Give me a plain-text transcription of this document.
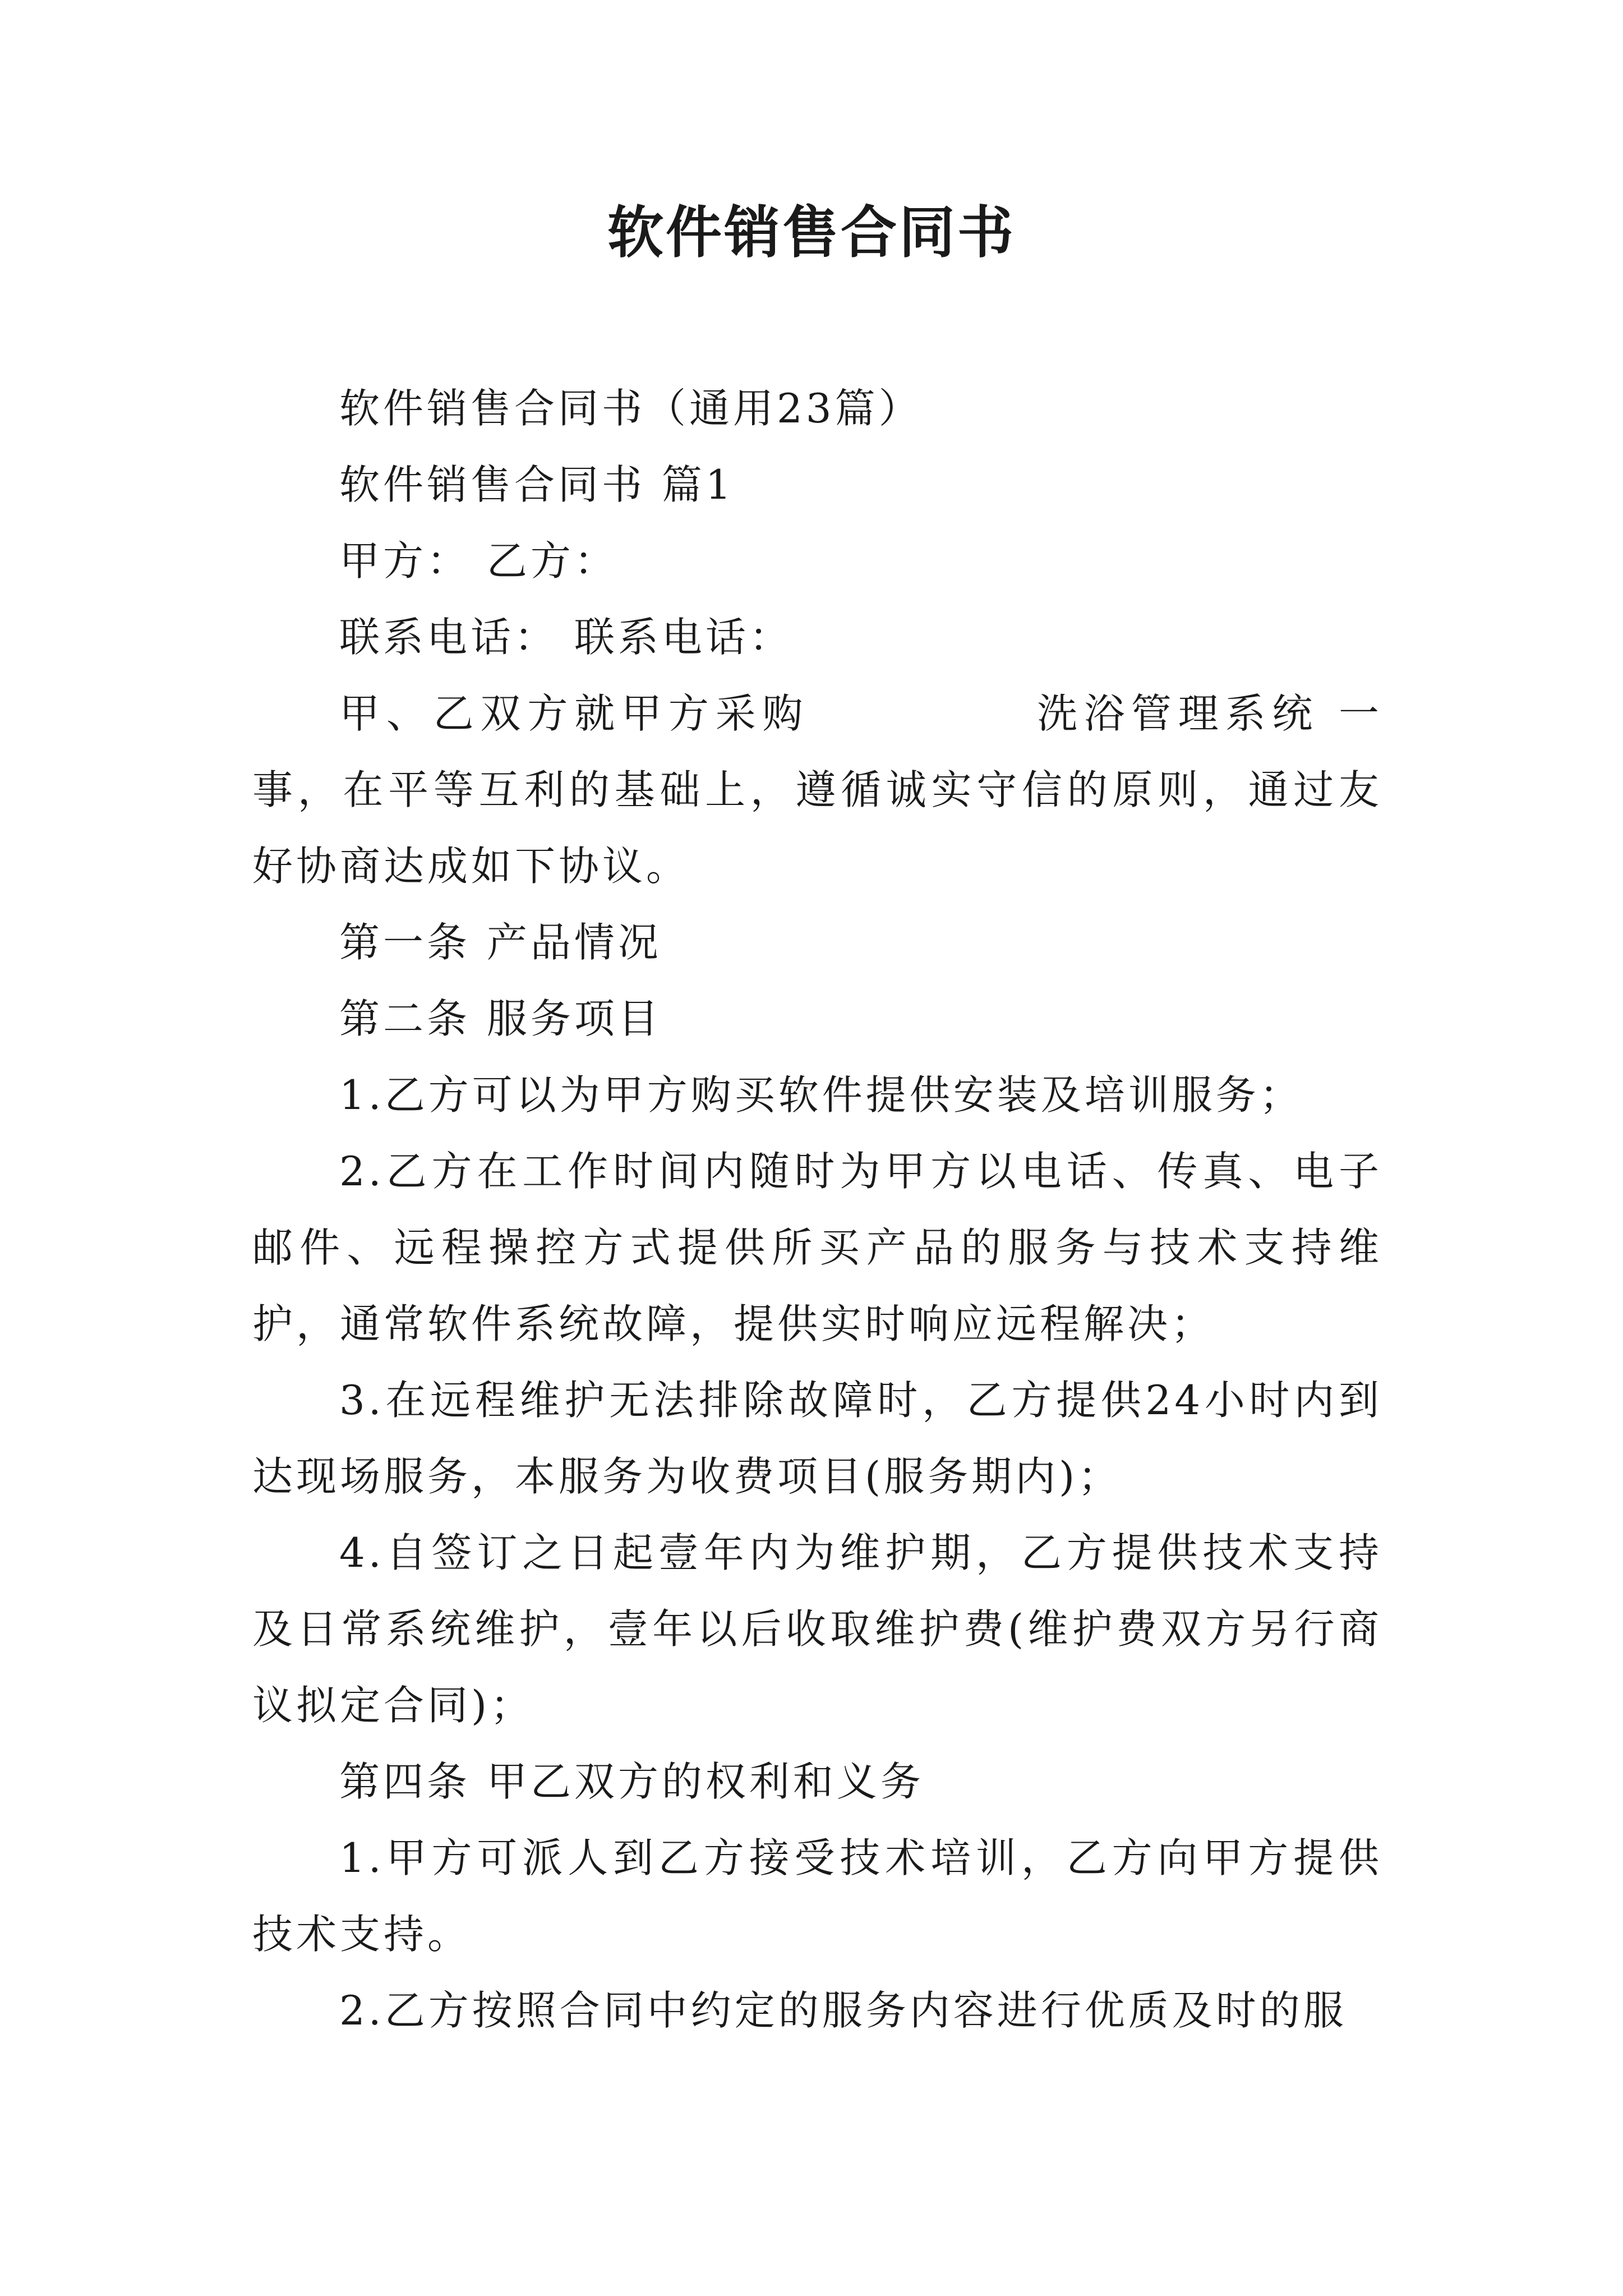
软件销售合同书

软件销售合同书（通用23篇）

软件销售合同书 篇1

甲方： 乙方：

联系电话： 联系电话：

甲、乙双方就甲方采购	洗浴管理系统 一事，在平等互利的基础上，遵循诚实守信的原则，通过友好协商达成如下协议。

第一条 产品情况

第二条 服务项目

1.乙方可以为甲方购买软件提供安装及培训服务；

2.乙方在工作时间内随时为甲方以电话、传真、电子邮件、远程操控方式提供所买产品的服务与技术支持维护，通常软件系统故障，提供实时响应远程解决；

3.在远程维护无法排除故障时，乙方提供24小时内到达现场服务，本服务为收费项目(服务期内)；

4.自签订之日起壹年内为维护期，乙方提供技术支持及日常系统维护，壹年以后收取维护费(维护费双方另行商议拟定合同)；

第四条 甲乙双方的权利和义务

1.甲方可派人到乙方接受技术培训，乙方向甲方提供技术支持。

2.乙方按照合同中约定的服务内容进行优质及时的服
